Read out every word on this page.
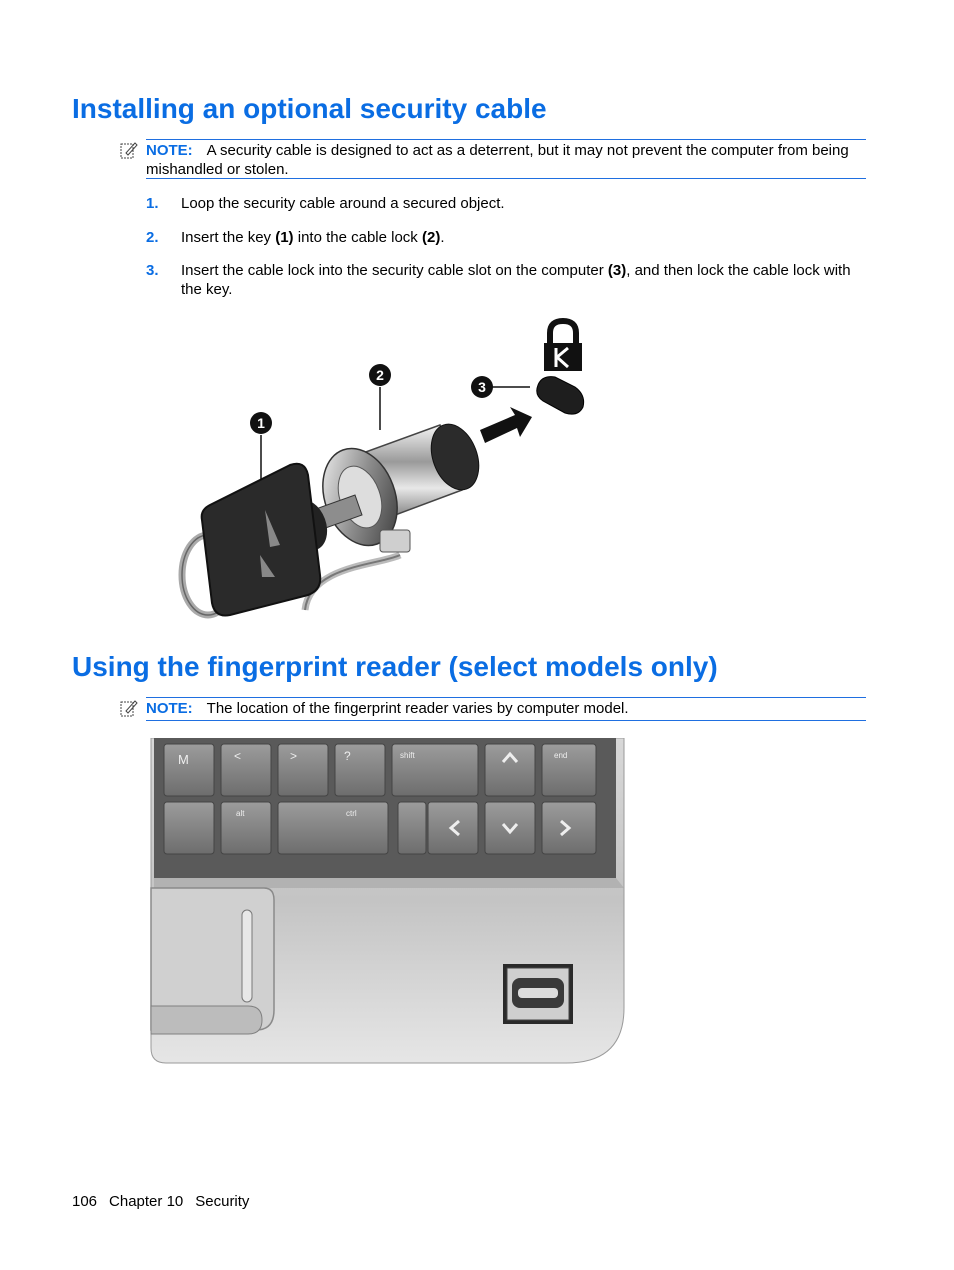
Installing an optional security cable
NOTE: A security cable is designed to act as a deterrent, but it may not prevent the computer from being mishandled or stolen.
1. Loop the security cable around a secured object.
2. Insert the key (1) into the cable lock (2).
3. Insert the cable lock into the security cable slot on the computer (3), and then lock the cable lock with the key.
1
2
3
Using the fingerprint reader (select models only)
NOTE: The location of the fingerprint reader varies by computer model.
M	<	>	?	shift	end
alt	ctrl
106 Chapter 10 Security
